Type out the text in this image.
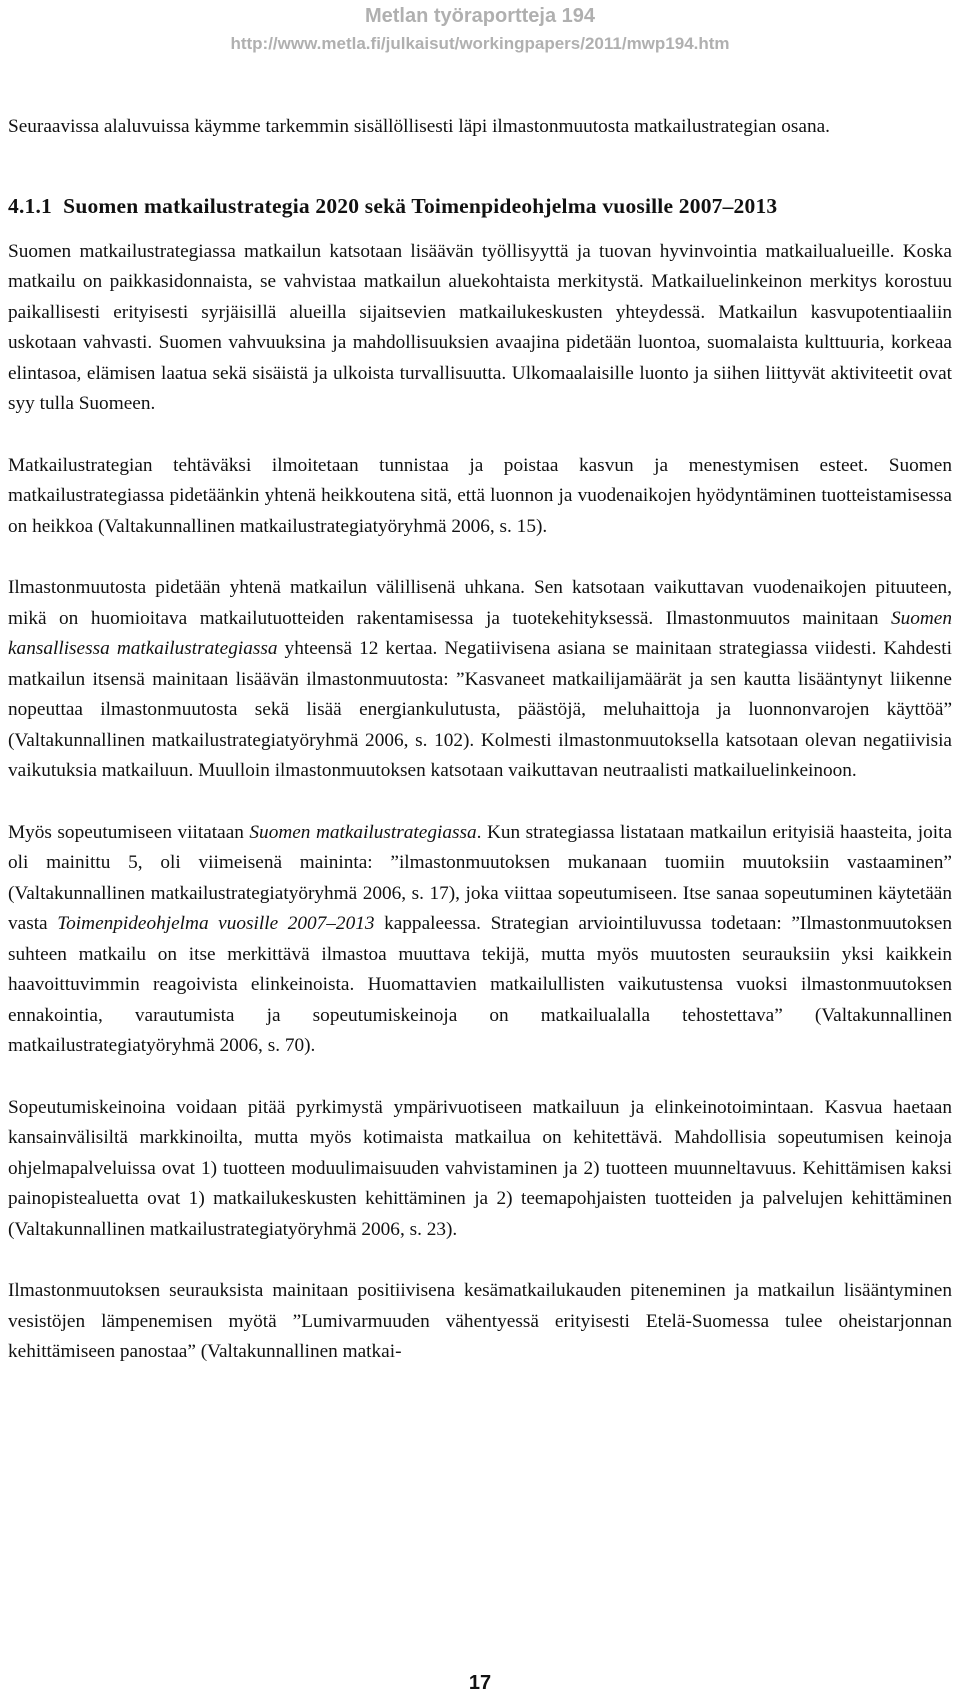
Metlan työraportteja 194
http://www.metla.fi/julkaisut/workingpapers/2011/mwp194.htm

Seuraavissa alaluvuissa käymme tarkemmin sisällöllisesti läpi ilmastonmuutosta matkailustrategian osana.

4.1.1 Suomen matkailustrategia 2020 sekä Toimenpideohjelma vuosille 2007–2013

Suomen matkailustrategiassa matkailun katsotaan lisäävän työllisyyttä ja tuovan hyvinvointia matkailualueille. Koska matkailu on paikkasidonnaista, se vahvistaa matkailun aluekohtaista merkitystä. Matkailuelinkeinon merkitys korostuu paikallisesti erityisesti syrjäisillä alueilla sijaitsevien matkailukeskusten yhteydessä. Matkailun kasvupotentiaaliin uskotaan vahvasti. Suomen vahvuuksina ja mahdollisuuksien avaajina pidetään luontoa, suomalaista kulttuuria, korkeaa elintasoa, elämisen laatua sekä sisäistä ja ulkoista turvallisuutta. Ulkomaalaisille luonto ja siihen liittyvät aktiviteetit ovat syy tulla Suomeen.

Matkailustrategian tehtäväksi ilmoitetaan tunnistaa ja poistaa kasvun ja menestymisen esteet. Suomen matkailustrategiassa pidetäänkin yhtenä heikkoutena sitä, että luonnon ja vuodenaikojen hyödyntäminen tuotteistamisessa on heikkoa (Valtakunnallinen matkailustrategiatyöryhmä 2006, s. 15).

Ilmastonmuutosta pidetään yhtenä matkailun välillisenä uhkana. Sen katsotaan vaikuttavan vuodenaikojen pituuteen, mikä on huomioitava matkailutuotteiden rakentamisessa ja tuotekehityksessä. Ilmastonmuutos mainitaan Suomen kansallisessa matkailustrategiassa yhteensä 12 kertaa. Negatiivisena asiana se mainitaan strategiassa viidesti. Kahdesti matkailun itsensä mainitaan lisäävän ilmastonmuutosta: ”Kasvaneet matkailijamäärät ja sen kautta lisääntynyt liikenne nopeuttaa ilmastonmuutosta sekä lisää energiankulutusta, päästöjä, meluhaittoja ja luonnonvarojen käyttöä” (Valtakunnallinen matkailustrategiatyöryhmä 2006, s. 102). Kolmesti ilmastonmuutoksella katsotaan olevan negatiivisia vaikutuksia matkailuun. Muulloin ilmastonmuutoksen katsotaan vaikuttavan neutraalisti matkailuelinkeinoon.

Myös sopeutumiseen viitataan Suomen matkailustrategiassa. Kun strategiassa listataan matkailun erityisiä haasteita, joita oli mainittu 5, oli viimeisenä maininta: ”ilmastonmuutoksen mukanaan tuomiin muutoksiin vastaaminen” (Valtakunnallinen matkailustrategiatyöryhmä 2006, s. 17), joka viittaa sopeutumiseen. Itse sanaa sopeutuminen käytetään vasta Toimenpideohjelma vuosille 2007–2013 kappaleessa. Strategian arviointiluvussa todetaan: ”Ilmastonmuutoksen suhteen matkailu on itse merkittävä ilmastoa muuttava tekijä, mutta myös muutosten seurauksiin yksi kaikkein haavoittuvimmin reagoivista elinkeinoista. Huomattavien matkailullisten vaikutustensa vuoksi ilmastonmuutoksen ennakointia, varautumista ja sopeutumiskeinoja on matkailualalla tehostettava” (Valtakunnallinen matkailustrategiatyöryhmä 2006, s. 70).

Sopeutumiskeinoina voidaan pitää pyrkimystä ympärivuotiseen matkailuun ja elinkeinotoimintaan. Kasvua haetaan kansainvälisiltä markkinoilta, mutta myös kotimaista matkailua on kehitettävä. Mahdollisia sopeutumisen keinoja ohjelmapalveluissa ovat 1) tuotteen moduulimaisuuden vahvistaminen ja 2) tuotteen muunneltavuus. Kehittämisen kaksi painopistealuetta ovat 1) matkailukeskusten kehittäminen ja 2) teemapohjaisten tuotteiden ja palvelujen kehittäminen (Valtakunnallinen matkailustrategiatyöryhmä 2006, s. 23).

Ilmastonmuutoksen seurauksista mainitaan positiivisena kesämatkailukauden piteneminen ja matkailun lisääntyminen vesistöjen lämpenemisen myötä ”Lumivarmuuden vähentyessä erityisesti Etelä-Suomessa tulee oheistarjonnan kehittämiseen panostaa” (Valtakunnallinen matkai-

17
